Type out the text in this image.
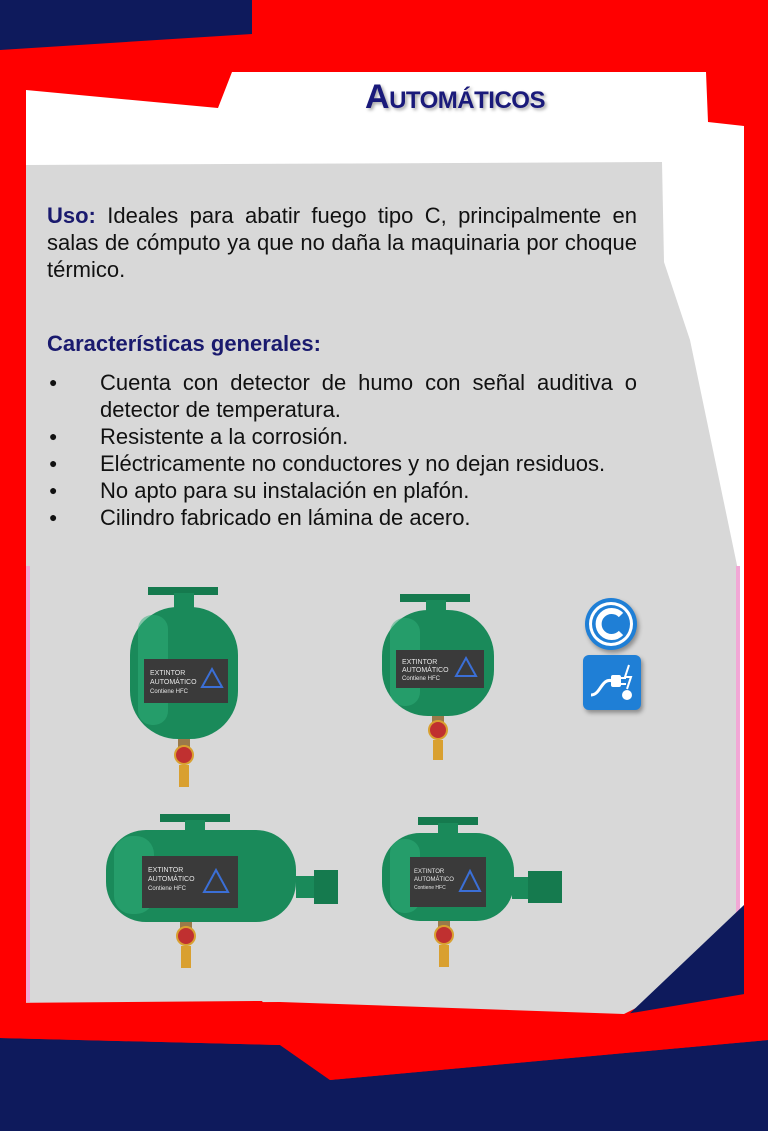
Automáticos
Uso: Ideales para abatir fuego tipo C, principalmente en salas de cómputo ya que no daña la maquinaria por choque térmico.
Características generales:
● Cuenta con detector de humo con señal auditiva o detector de temperatura.
● Resistente a la corrosión.
● Eléctricamente no conductores y no dejan residuos.
● No apto para su instalación en plafón.
● Cilindro fabricado en lámina de acero.
EXTINTOR
AUTOMÁTICO
Contiene HFC
EXTINTOR
AUTOMÁTICO
Contiene HFC
EXTINTOR
AUTOMÁTICO
Contiene HFC
EXTINTOR
AUTOMÁTICO
Contiene HFC
